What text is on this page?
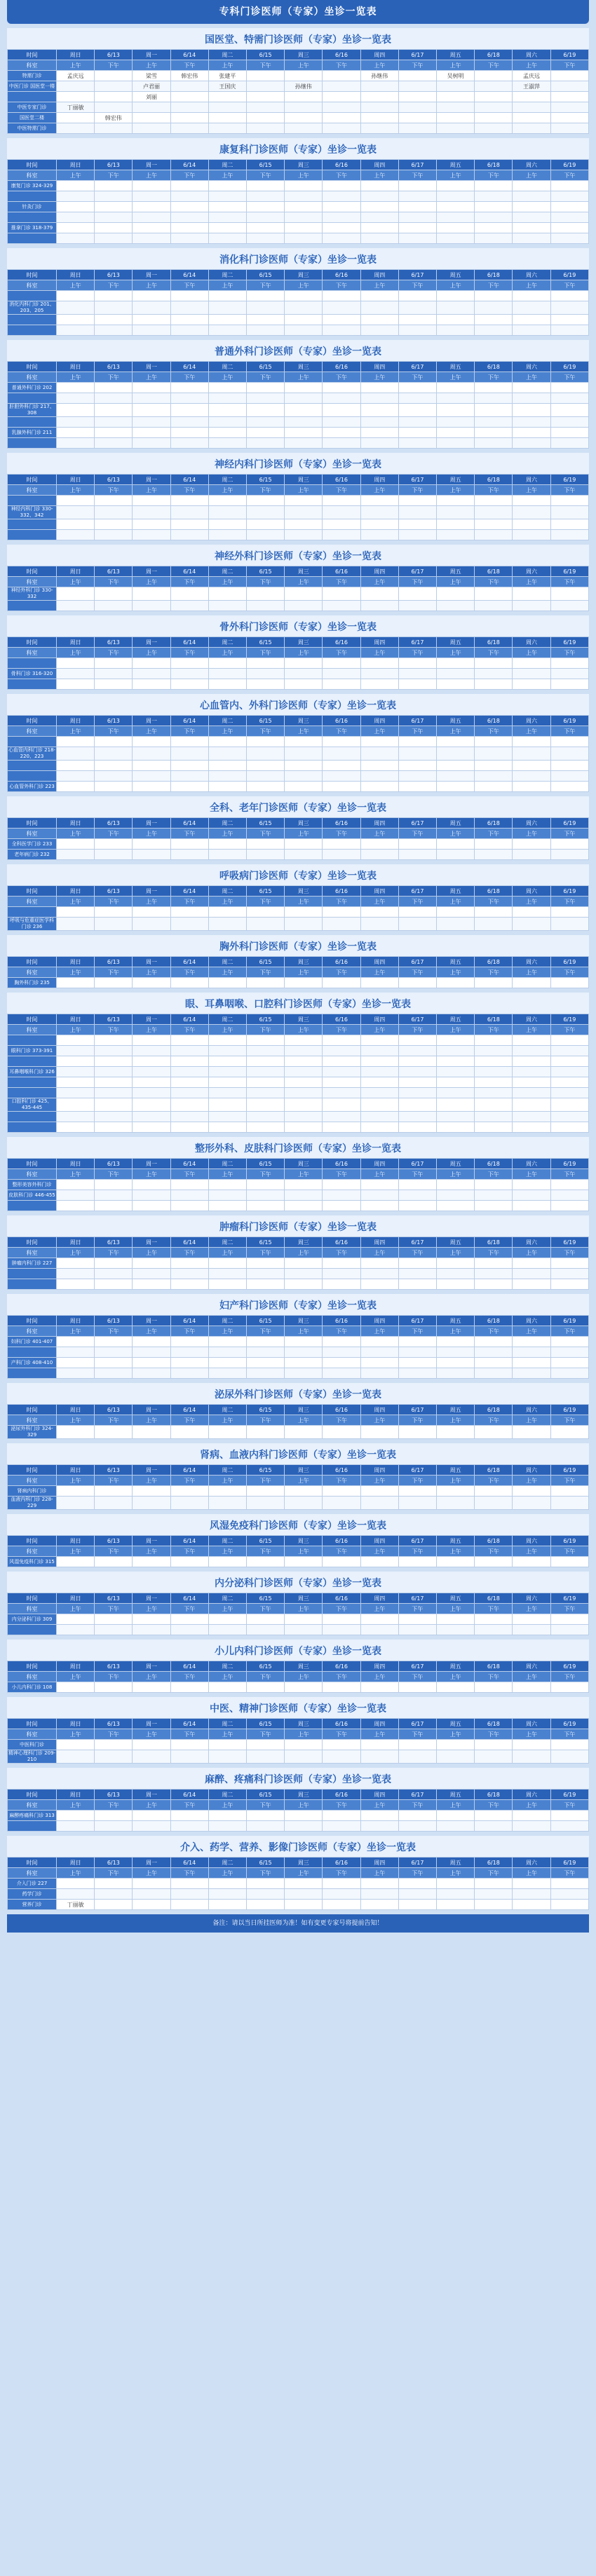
专科门诊医师（专家）坐诊一览表
国医堂、特需门诊医师（专家）坐诊一览表
时间	周日	6/13	周一	6/14	周二	6/15	周三	6/16	周四	6/17	周五	6/18	周六	6/19
科室	上午	下午	上午	下午	上午	下午	上午	下午	上午	下午	上午	下午	上午	下午
特需门诊	孟庆远		梁雪	韩宏伟	张建平				孙继伟		吴树明		孟庆远	
中医门诊 国医堂一楼			卢君丽		王国庆		孙继伟						王淑萍	
			刘丽											
中医专家门诊	丁丽敏													
国医堂二楼		韩宏伟												
中医特需门诊														
康复科门诊医师（专家）坐诊一览表
时间	周日	6/13	周一	6/14	周二	6/15	周三	6/16	周四	6/17	周五	6/18	周六	6/19
科室	上午	下午	上午	下午	上午	下午	上午	下午	上午	下午	上午	下午	上午	下午
康复门诊 324-329														

针灸门诊														

推拿门诊 318-379														

消化科门诊医师（专家）坐诊一览表
时间	周日	6/13	周一	6/14	周二	6/15	周三	6/16	周四	6/17	周五	6/18	周六	6/19
科室	上午	下午	上午	下午	上午	下午	上午	下午	上午	下午	上午	下午	上午	下午

消化内科门诊 201、203、205														

普通外科门诊医师（专家）坐诊一览表
时间	周日	6/13	周一	6/14	周二	6/15	周三	6/16	周四	6/17	周五	6/18	周六	6/19
科室	上午	下午	上午	下午	上午	下午	上午	下午	上午	下午	上午	下午	上午	下午
普通外科门诊 202														

肝胆外科门诊 217、308														

乳腺外科门诊 211														

神经内科门诊医师（专家）坐诊一览表
时间	周日	6/13	周一	6/14	周二	6/15	周三	6/16	周四	6/17	周五	6/18	周六	6/19
科室	上午	下午	上午	下午	上午	下午	上午	下午	上午	下午	上午	下午	上午	下午

神经内科门诊 330-332、342														

神经外科门诊医师（专家）坐诊一览表
时间	周日	6/13	周一	6/14	周二	6/15	周三	6/16	周四	6/17	周五	6/18	周六	6/19
科室	上午	下午	上午	下午	上午	下午	上午	下午	上午	下午	上午	下午	上午	下午
神经外科门诊 330-332														

骨外科门诊医师（专家）坐诊一览表
时间	周日	6/13	周一	6/14	周二	6/15	周三	6/16	周四	6/17	周五	6/18	周六	6/19
科室	上午	下午	上午	下午	上午	下午	上午	下午	上午	下午	上午	下午	上午	下午

骨科门诊 316-320														

心血管内、外科门诊医师（专家）坐诊一览表
时间	周日	6/13	周一	6/14	周二	6/15	周三	6/16	周四	6/17	周五	6/18	周六	6/19
科室	上午	下午	上午	下午	上午	下午	上午	下午	上午	下午	上午	下午	上午	下午

心血管内科门诊 218-220、223														

心血管外科门诊 223														
全科、老年门诊医师（专家）坐诊一览表
时间	周日	6/13	周一	6/14	周二	6/15	周三	6/16	周四	6/17	周五	6/18	周六	6/19
科室	上午	下午	上午	下午	上午	下午	上午	下午	上午	下午	上午	下午	上午	下午
全科医学门诊 233														
老年病门诊 232														
呼吸病门诊医师（专家）坐诊一览表
时间	周日	6/13	周一	6/14	周二	6/15	周三	6/16	周四	6/17	周五	6/18	周六	6/19
科室	上午	下午	上午	下午	上午	下午	上午	下午	上午	下午	上午	下午	上午	下午

呼吸与危重症医学科门诊 236														
胸外科门诊医师（专家）坐诊一览表
时间	周日	6/13	周一	6/14	周二	6/15	周三	6/16	周四	6/17	周五	6/18	周六	6/19
科室	上午	下午	上午	下午	上午	下午	上午	下午	上午	下午	上午	下午	上午	下午
胸外科门诊 235														
眼、耳鼻咽喉、口腔科门诊医师（专家）坐诊一览表
时间	周日	6/13	周一	6/14	周二	6/15	周三	6/16	周四	6/17	周五	6/18	周六	6/19
科室	上午	下午	上午	下午	上午	下午	上午	下午	上午	下午	上午	下午	上午	下午

眼科门诊 373-391														

耳鼻咽喉科门诊 326														

口腔科门诊 425、435-445														

整形外科、皮肤科门诊医师（专家）坐诊一览表
时间	周日	6/13	周一	6/14	周二	6/15	周三	6/16	周四	6/17	周五	6/18	周六	6/19
科室	上午	下午	上午	下午	上午	下午	上午	下午	上午	下午	上午	下午	上午	下午
整形美容外科门诊														
皮肤科门诊 446-455														

肿瘤科门诊医师（专家）坐诊一览表
时间	周日	6/13	周一	6/14	周二	6/15	周三	6/16	周四	6/17	周五	6/18	周六	6/19
科室	上午	下午	上午	下午	上午	下午	上午	下午	上午	下午	上午	下午	上午	下午
肿瘤内科门诊 227														

妇产科门诊医师（专家）坐诊一览表
时间	周日	6/13	周一	6/14	周二	6/15	周三	6/16	周四	6/17	周五	6/18	周六	6/19
科室	上午	下午	上午	下午	上午	下午	上午	下午	上午	下午	上午	下午	上午	下午
妇科门诊 401-407														

产科门诊 408-410														

泌尿外科门诊医师（专家）坐诊一览表
时间	周日	6/13	周一	6/14	周二	6/15	周三	6/16	周四	6/17	周五	6/18	周六	6/19
科室	上午	下午	上午	下午	上午	下午	上午	下午	上午	下午	上午	下午	上午	下午
泌尿外科门诊 324-329														
肾病、血液内科门诊医师（专家）坐诊一览表
时间	周日	6/13	周一	6/14	周二	6/15	周三	6/16	周四	6/17	周五	6/18	周六	6/19
科室	上午	下午	上午	下午	上午	下午	上午	下午	上午	下午	上午	下午	上午	下午
肾病内科门诊														
血液内科门诊 228-229														
风湿免疫科门诊医师（专家）坐诊一览表
时间	周日	6/13	周一	6/14	周二	6/15	周三	6/16	周四	6/17	周五	6/18	周六	6/19
科室	上午	下午	上午	下午	上午	下午	上午	下午	上午	下午	上午	下午	上午	下午
风湿免疫科门诊 315														
内分泌科门诊医师（专家）坐诊一览表
时间	周日	6/13	周一	6/14	周二	6/15	周三	6/16	周四	6/17	周五	6/18	周六	6/19
科室	上午	下午	上午	下午	上午	下午	上午	下午	上午	下午	上午	下午	上午	下午
内分泌科门诊 309														

小儿内科门诊医师（专家）坐诊一览表
时间	周日	6/13	周一	6/14	周二	6/15	周三	6/16	周四	6/17	周五	6/18	周六	6/19
科室	上午	下午	上午	下午	上午	下午	上午	下午	上午	下午	上午	下午	上午	下午
小儿内科门诊 108														
中医、精神门诊医师（专家）坐诊一览表
时间	周日	6/13	周一	6/14	周二	6/15	周三	6/16	周四	6/17	周五	6/18	周六	6/19
科室	上午	下午	上午	下午	上午	下午	上午	下午	上午	下午	上午	下午	上午	下午
中医科门诊														
精神心理科门诊 209-210														
麻醉、疼痛科门诊医师（专家）坐诊一览表
时间	周日	6/13	周一	6/14	周二	6/15	周三	6/16	周四	6/17	周五	6/18	周六	6/19
科室	上午	下午	上午	下午	上午	下午	上午	下午	上午	下午	上午	下午	上午	下午
麻醉疼痛科门诊 313														

介入、药学、营养、影像门诊医师（专家）坐诊一览表
时间	周日	6/13	周一	6/14	周二	6/15	周三	6/16	周四	6/17	周五	6/18	周六	6/19
科室	上午	下午	上午	下午	上午	下午	上午	下午	上午	下午	上午	下午	上午	下午
介入门诊 227														
药学门诊														
营养门诊	丁丽敏													
备注：请以当日所挂医师为准！如有变更专家号将提前告知！
